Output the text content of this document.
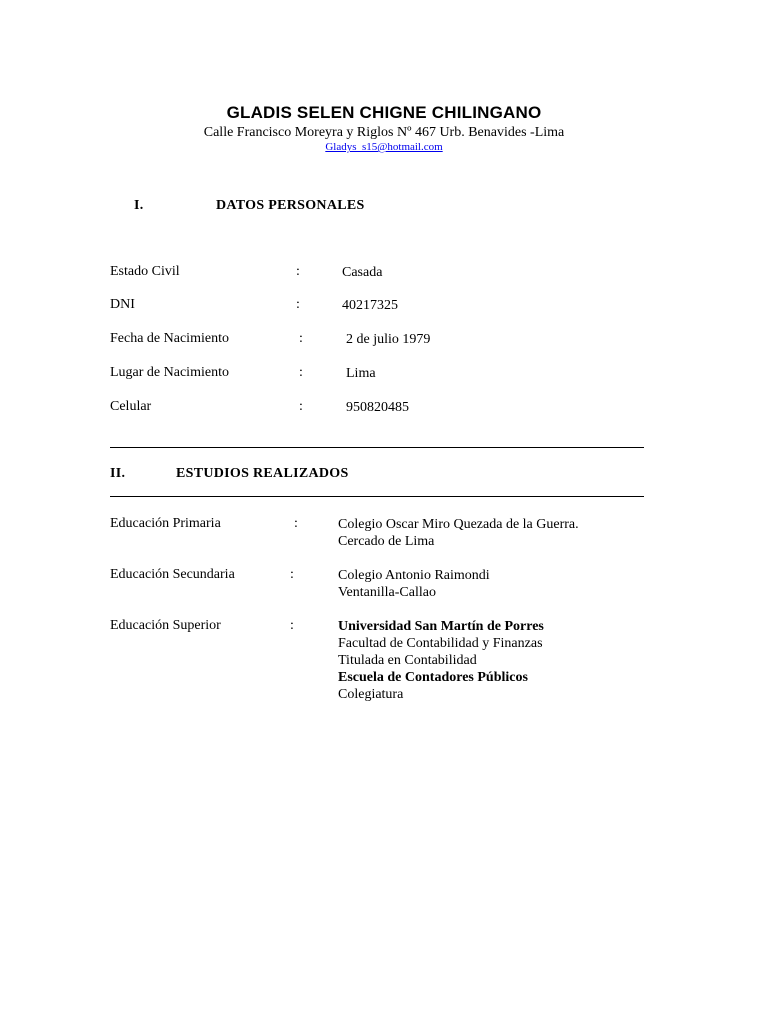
GLADIS SELEN CHIGNE CHILINGANO
Calle Francisco Moreyra y Riglos Nº 467 Urb. Benavides -Lima
Gladys_s15@hotmail.com
I.	DATOS PERSONALES
Estado Civil	:	Casada
DNI	:	40217325
Fecha de Nacimiento	:	2 de julio 1979
Lugar de Nacimiento	:	Lima
Celular	:	950820485
II.	ESTUDIOS REALIZADOS
Educación Primaria	:	Colegio Oscar Miro Quezada de la Guerra.
Cercado de Lima
Educación Secundaria	:	Colegio Antonio Raimondi
Ventanilla-Callao
Educación Superior	:	Universidad San Martín de Porres
Facultad de Contabilidad y Finanzas
Titulada en Contabilidad
Escuela de Contadores Públicos
Colegiatura
